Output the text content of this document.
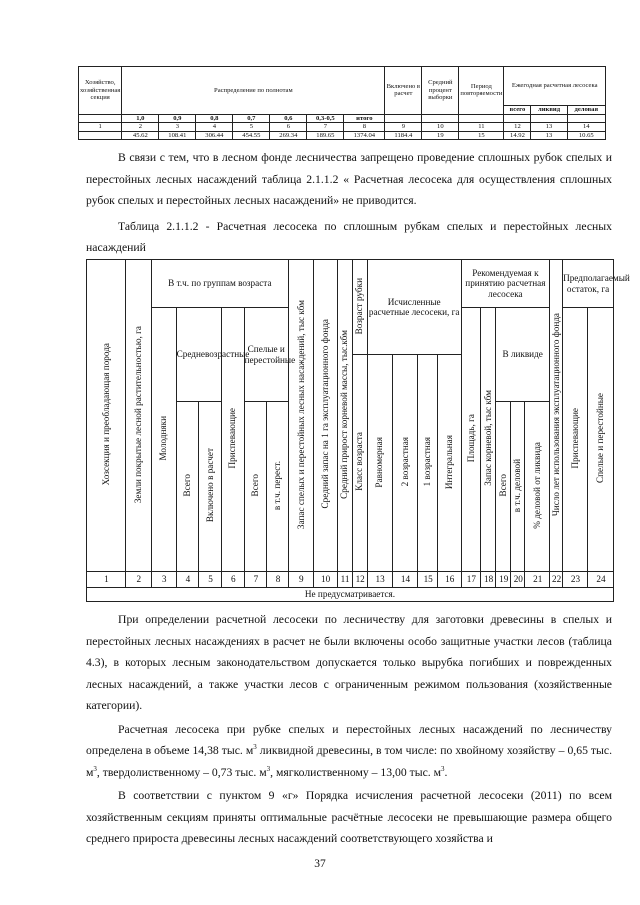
Хозяйство, хозяйственная секция	Распределение по полнотам							Включено в расчет	Средний процент выборки	Период повторяемости	Ежегодная расчетная лесосека		
											всего	ликвид	деловая
	1,0	0,9	0,8	0,7	0,6	0,3-0,5	итого						
1	2	3	4	5	6	7	8	9	10	11	12	13	14
	45.62	108.41	306.44	454.55	269.34	189.65	1374.04	1184.4	19	15	14.92	13	10.65

В связи с тем, что в лесном фонде лесничества запрещено проведение сплошных рубок спелых и перестойных лесных насаждений таблица 2.1.1.2 « Расчетная лесосека для осуществления сплошных рубок спелых и перестойных лесных насаждений» не приводится.

Таблица 2.1.1.2 - Расчетная лесосека по сплошным рубкам спелых и перестойных лесных насаждений

Хозсекция и преобладающая порода	Земли покрытые лесной растительностью, га	В т.ч. по группам возраста						Запас спелых и перестойных лесных насаждений, тыс кбм	Средний запас на 1 га эксплуатационного фонда	Средний прирост корневой массы, тыс.кбм	Возраст рубки	Исчисленные расчетные лесосеки, га				Рекомендуемая к принятию расчетная лесосека					Число лет использования эксплуатационного фонда	Предполагаемый остаток, га	
		Молодняки	Средневозрастные		Приспевающие	Спелые и перестойные										Площадь, га	Запас корневой, тыс кбм	В ликвиде				Приспевающие	Спелые и перестойные
											Класс возраста	Равномерная	2 возрастная	1 возрастная	Интегральная								
			Всего	Включено в расчет		Всего	в т.ч. перест.											Всего	в т.ч. деловой	% деловой от ликвида			
1	2	3	4	5	6	7	8	9	10	11	12	13	14	15	16	17	18	19	20	21	22	23	24
Не предусматривается.																							

При определении расчетной лесосеки по лесничеству для заготовки древесины в спелых и перестойных лесных насаждениях в расчет не были включены особо защитные участки лесов (таблица 4.3), в которых лесным законодательством допускается только вырубка погибших и поврежденных лесных насаждений, а также участки лесов с ограниченным режимом пользования (хозяйственные категории).

Расчетная лесосека при рубке спелых и перестойных лесных насаждений по лесничеству определена в объеме 14,38 тыс. $м^3$ ликвидной древесины, в том числе: по хвойному хозяйству – 0,65 тыс. $м^3$, твердолиственному – 0,73 тыс. $м^3$, мягколиственному – 13,00 тыс. $м^3$.

В соответствии с пунктом 9 «г» Порядка исчисления расчетной лесосеки (2011) по всем хозяйственным секциям приняты оптимальные расчётные лесосеки не превышающие размера общего среднего прироста древесины лесных насаждений соответствующего хозяйства и

37
